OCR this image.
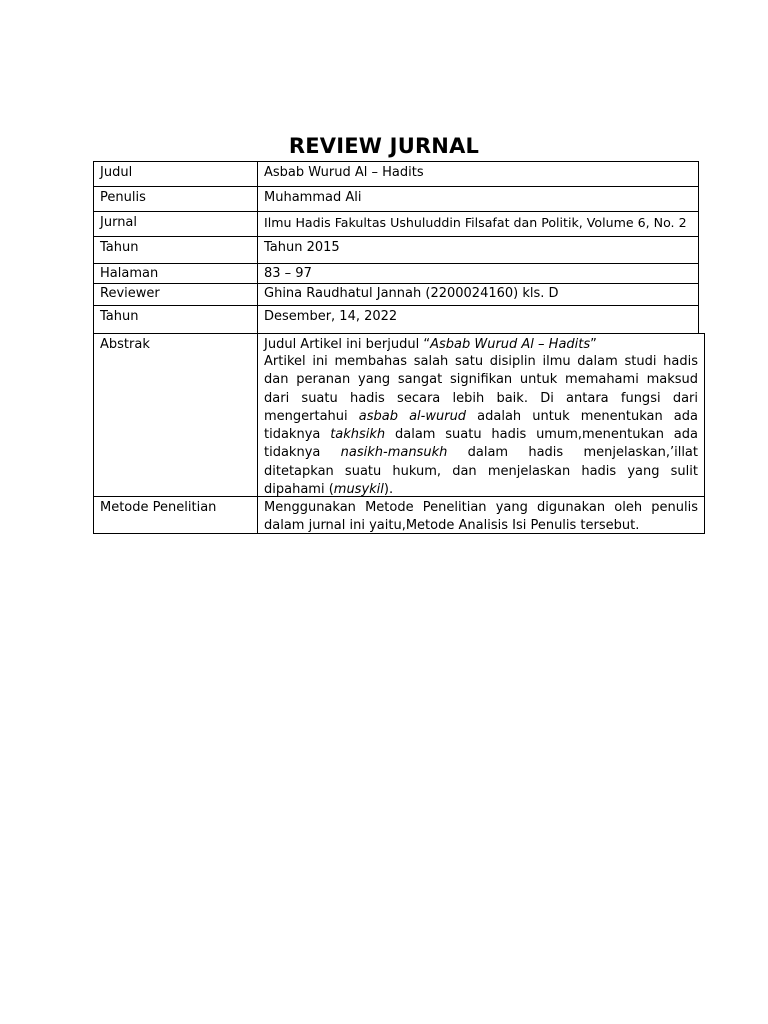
REVIEW JURNAL
Judul	Asbab Wurud Al – Hadits
Penulis	Muhammad Ali
Jurnal	Ilmu Hadis Fakultas Ushuluddin Filsafat dan Politik, Volume 6, No. 2
Tahun	Tahun 2015
Halaman	83 – 97
Reviewer	Ghina Raudhatul Jannah (2200024160) kls. D
Tahun	Desember, 14, 2022
Abstrak	Judul Artikel ini berjudul “Asbab Wurud Al – Hadits”
Artikel ini membahas salah satu disiplin ilmu dalam studi hadis dan peranan yang sangat signifikan untuk memahami maksud dari suatu hadis secara lebih baik. Di antara fungsi dari mengertahui asbab al-wurud adalah untuk menentukan ada tidaknya takhsikh dalam suatu hadis umum,menentukan ada tidaknya nasikh-mansukh dalam hadis menjelaskan,’illat ditetapkan suatu hukum, dan menjelaskan hadis yang sulit dipahami (musykil).
Metode Penelitian	Menggunakan Metode Penelitian yang digunakan oleh penulis dalam jurnal ini yaitu,Metode Analisis Isi Penulis tersebut.
